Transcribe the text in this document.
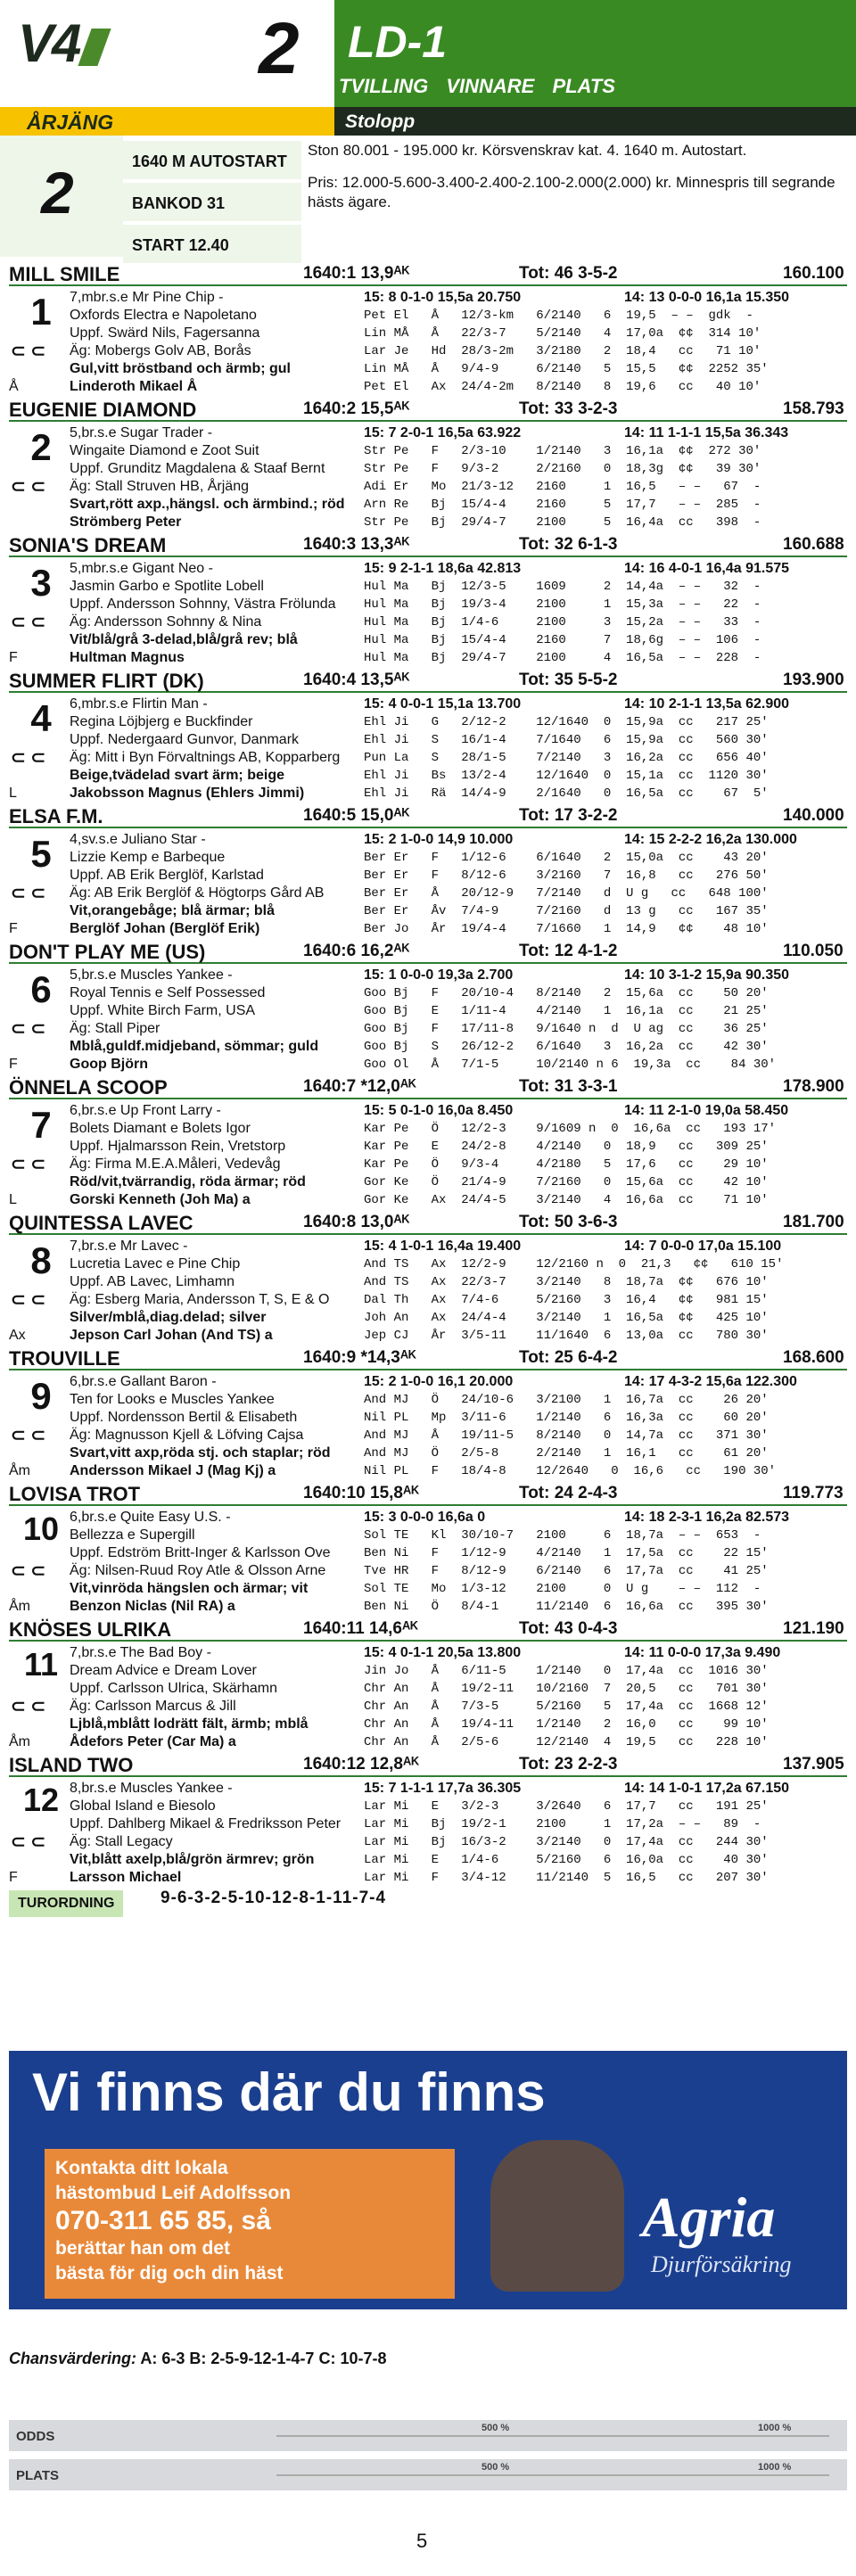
V4	2
ÅRJÄNG
LD-1
TVILLING VINNARE PLATS
Stolopp
2	1640 M AUTOSTART
BANKOD 31
START 12.40
Ston 80.001 - 195.000 kr. Körsvenskrav kat. 4. 1640 m. Autostart.
Pris: 12.000-5.600-3.400-2.400-2.100-2.000(2.000) kr. Minnespris till segrande hästs ägare.
MILL SMILE	1640:1 13,9ᴬᴷ	Tot: 46 3-5-2	160.100
1	7,mbr.s.e Mr Pine Chip -	15: 8 0-1-0 15,5a 20.750	14: 13 0-0-0 16,1a 15.350
Oxfords Electra e Napoletano
Uppf. Swärd Nils, Fagersanna
Äg: Mobergs Golv AB, Borås
Gul,vitt bröstband och ärmb; gul
Linderoth Mikael Å
Pet El   Å   12/3-km   6/2140   6  19,5  – –  gdk  -
Lin MÅ   Å   22/3-7    5/2140   4  17,0a  ¢¢  314 10'
Lar Je   Hd  28/3-2m   3/2180   2  18,4   cc   71 10'
Lin MÅ   Å   9/4-9     6/2140   5  15,5   ¢¢  2252 35'
Pet El   Ax  24/4-2m   8/2140   8  19,6   cc   40 10'
Å
⊂ ⊂
EUGENIE DIAMOND	1640:2 15,5ᴬᴷ	Tot: 33 3-2-3	158.793
2	5,br.s.e Sugar Trader -	15: 7 2-0-1 16,5a 63.922	14: 11 1-1-1 15,5a 36.343
Wingaite Diamond e Zoot Suit
Uppf. Grunditz Magdalena & Staaf Bernt
Äg: Stall Struven HB, Årjäng
Svart,rött axp.,hängsl. och ärmbind.; röd
Strömberg Peter
Str Pe   F   2/3-10    1/2140   3  16,1a  ¢¢  272 30'
Str Pe   F   9/3-2     2/2160   0  18,3g  ¢¢   39 30'
Adi Er   Mo  21/3-12   2160     1  16,5   – –   67  -
Arn Re   Bj  15/4-4    2160     5  17,7   – –  285  -
Str Pe   Bj  29/4-7    2100     5  16,4a  cc   398  -
⊂ ⊂
SONIA'S DREAM	1640:3 13,3ᴬᴷ	Tot: 32 6-1-3	160.688
3	5,mbr.s.e Gigant Neo -	15: 9 2-1-1 18,6a 42.813	14: 16 4-0-1 16,4a 91.575
Jasmin Garbo e Spotlite Lobell
Uppf. Andersson Sohnny, Västra Frölunda
Äg: Andersson Sohnny & Nina
Vit/blå/grå 3-delad,blå/grå rev; blå
Hultman Magnus
Hul Ma   Bj  12/3-5    1609     2  14,4a  – –   32  -
Hul Ma   Bj  19/3-4    2100     1  15,3a  – –   22  -
Hul Ma   Bj  1/4-6     2100     3  15,2a  – –   33  -
Hul Ma   Bj  15/4-4    2160     7  18,6g  – –  106  -
Hul Ma   Bj  29/4-7    2100     4  16,5a  – –  228  -
F
⊂ ⊂
SUMMER FLIRT (DK)	1640:4 13,5ᴬᴷ	Tot: 35 5-5-2	193.900
4	6,mbr.s.e Flirtin Man -	15: 4 0-0-1 15,1a 13.700	14: 10 2-1-1 13,5a 62.900
Regina Löjbjerg e Buckfinder
Uppf. Nedergaard Gunvor, Danmark
Äg: Mitt i Byn Förvaltnings AB, Kopparberg
Beige,tvädelad svart ärm; beige
Jakobsson Magnus (Ehlers Jimmi)
Ehl Ji   G   2/12-2    12/1640  0  15,9a  cc   217 25'
Ehl Ji   S   16/1-4    7/1640   6  15,9a  cc   560 30'
Pun La   S   28/1-5    7/2140   3  16,2a  cc   656 40'
Ehl Ji   Bs  13/2-4    12/1640  0  15,1a  cc  1120 30'
Ehl Ji   Rä  14/4-9    2/1640   0  16,5a  cc    67  5'
L
⊂ ⊂
ELSA F.M.	1640:5 15,0ᴬᴷ	Tot: 17 3-2-2	140.000
5	4,sv.s.e Juliano Star -	15: 2 1-0-0 14,9 10.000	14: 15 2-2-2 16,2a 130.000
Lizzie Kemp e Barbeque
Uppf. AB Erik Berglöf, Karlstad
Äg: AB Erik Berglöf & Högtorps Gård AB
Vit,orangebåge; blå ärmar; blå
Berglöf Johan (Berglöf Erik)
Ber Er   F   1/12-6    6/1640   2  15,0a  cc    43 20'
Ber Er   F   8/12-6    3/2160   7  16,8   cc   276 50'
Ber Er   Å   20/12-9   7/2140   d  U g   cc   648 100'
Ber Er   Åv  7/4-9     7/2160   d  13 g   cc   167 35'
Ber Jo   År  19/4-4    7/1660   1  14,9   ¢¢    48 10'
F
⊂ ⊂
DON'T PLAY ME (US)	1640:6 16,2ᴬᴷ	Tot: 12 4-1-2	110.050
6	5,br.s.e Muscles Yankee -	15: 1 0-0-0 19,3a 2.700	14: 10 3-1-2 15,9a 90.350
Royal Tennis e Self Possessed
Uppf. White Birch Farm, USA
Äg: Stall Piper
Mblå,guldf.midjeband, sömmar; guld
Goop Björn
Goo Bj   F   20/10-4   8/2140   2  15,6a  cc    50 20'
Goo Bj   E   1/11-4    4/2140   1  16,1a  cc    21 25'
Goo Bj   F   17/11-8   9/1640 n  d  U ag  cc    36 25'
Goo Bj   S   26/12-2   6/1640   3  16,2a  cc    42 30'
Goo Ol   Å   7/1-5     10/2140 n 6  19,3a  cc    84 30'
F
⊂ ⊂
ÖNNELA SCOOP	1640:7 *12,0ᴬᴷ	Tot: 31 3-3-1	178.900
7	6,br.s.e Up Front Larry -	15: 5 0-1-0 16,0a 8.450	14: 11 2-1-0 19,0a 58.450
Bolets Diamant e Bolets Igor
Uppf. Hjalmarsson Rein, Vretstorp
Äg: Firma M.E.A.Måleri, Vedevåg
Röd/vit,tvärrandig, röda ärmar; röd
Gorski Kenneth (Joh Ma) a
Kar Pe   Ö   12/2-3    9/1609 n  0  16,6a  cc   193 17'
Kar Pe   E   24/2-8    4/2140   0  18,9   cc   309 25'
Kar Pe   Ö   9/3-4     4/2180   5  17,6   cc    29 10'
Gor Ke   Ö   21/4-9    7/2160   0  15,6a  cc    42 10'
Gor Ke   Ax  24/4-5    3/2140   4  16,6a  cc    71 10'
L
⊂ ⊂
QUINTESSA LAVEC	1640:8 13,0ᴬᴷ	Tot: 50 3-6-3	181.700
8	7,br.s.e Mr Lavec -	15: 4 1-0-1 16,4a 19.400	14: 7 0-0-0 17,0a 15.100
Lucretia Lavec e Pine Chip
Uppf. AB Lavec, Limhamn
Äg: Esberg Maria, Andersson T, S, E & O
Silver/mblå,diag.delad; silver
Jepson Carl Johan (And TS) a
And TS   Ax  12/2-9    12/2160 n  0  21,3   ¢¢   610 15'
And TS   Ax  22/3-7    3/2140   8  18,7a  ¢¢   676 10'
Dal Th   Ax  7/4-6     5/2160   3  16,4   ¢¢   981 15'
Joh An   Ax  24/4-4    3/2140   1  16,5a  ¢¢   425 10'
Jep CJ   År  3/5-11    11/1640  6  13,0a  cc   780 30'
Ax
⊂ ⊂
TROUVILLE	1640:9 *14,3ᴬᴷ	Tot: 25 6-4-2	168.600
9	6,br.s.e Gallant Baron -	15: 2 1-0-0 16,1 20.000	14: 17 4-3-2 15,6a 122.300
Ten for Looks e Muscles Yankee
Uppf. Nordensson Bertil & Elisabeth
Äg: Magnusson Kjell & Löfving Cajsa
Svart,vitt axp,röda stj. och staplar; röd
Andersson Mikael J (Mag Kj) a
And MJ   Ö   24/10-6   3/2100   1  16,7a  cc    26 20'
Nil PL   Mp  3/11-6    1/2140   6  16,3a  cc    60 20'
And MJ   Å   19/11-5   8/2140   0  14,7a  cc   371 30'
And MJ   Ö   2/5-8     2/2140   1  16,1   cc    61 20'
Nil PL   F   18/4-8    12/2640   0  16,6   cc   190 30'
Åm
⊂ ⊂
LOVISA TROT	1640:10 15,8ᴬᴷ	Tot: 24 2-4-3	119.773
10 6,br.s.e Quite Easy U.S. -	15: 3 0-0-0 16,6a 0	14: 18 2-3-1 16,2a 82.573
Bellezza e Supergill
Uppf. Edström Britt-Inger & Karlsson Ove
Äg: Nilsen-Ruud Roy Atle & Olsson Arne
Vit,vinröda hängslen och ärmar; vit
Benzon Niclas (Nil RA) a
Sol TE   Kl  30/10-7   2100     6  18,7a  – –  653  -
Ben Ni   F   1/12-9    4/2140   1  17,5a  cc    22 15'
Tve HR   F   8/12-9    6/2140   6  17,7a  cc    41 25'
Sol TE   Mo  1/3-12    2100     0  U g    – –  112  -
Ben Ni   Ö   8/4-1     11/2140  6  16,6a  cc   395 30'
Åm
⊂ ⊂
KNÖSES ULRIKA	1640:11 14,6ᴬᴷ	Tot: 43 0-4-3	121.190
11 7,br.s.e The Bad Boy -	15: 4 0-1-1 20,5a 13.800	14: 11 0-0-0 17,3a 9.490
Dream Advice e Dream Lover
Uppf. Carlsson Ulrica, Skärhamn
Äg: Carlsson Marcus & Jill
Ljblå,mblått lodrätt fält, ärmb; mblå
Ådefors Peter (Car Ma) a
Jin Jo   Å   6/11-5    1/2140   0  17,4a  cc  1016 30'
Chr An   Å   19/2-11   10/2160  7  20,5   cc   701 30'
Chr An   Å   7/3-5     5/2160   5  17,4a  cc  1668 12'
Chr An   Å   19/4-11   1/2140   2  16,0   cc    99 10'
Chr An   Å   2/5-6     12/2140  4  19,5   cc   228 10'
Åm
⊂ ⊂
ISLAND TWO	1640:12 12,8ᴬᴷ	Tot: 23 2-2-3	137.905
12 8,br.s.e Muscles Yankee -	15: 7 1-1-1 17,7a 36.305	14: 14 1-0-1 17,2a 67.150
Global Island e Biesolo
Uppf. Dahlberg Mikael & Fredriksson Peter
Äg: Stall Legacy
Vit,blått axelp,blå/grön ärmrev; grön
Larsson Michael
Lar Mi   E   3/2-3     3/2640   6  17,7   cc   191 25'
Lar Mi   Bj  19/2-1    2100     1  17,2a  – –   89  -
Lar Mi   Bj  16/3-2    3/2140   0  17,4a  cc   244 30'
Lar Mi   E   1/4-6     5/2160   6  16,0a  cc    40 30'
Lar Mi   F   3/4-12    11/2140  5  16,5   cc   207 30'
F
⊂ ⊂
TURORDNING	9-6-3-2-5-10-12-8-1-11-7-4
Vi finns där du finns
Kontakta ditt lokala
hästombud Leif Adolfsson
070-311 65 85, så
berättar han om det
bästa för dig och din häst
Agria
Djurförsäkring
Chansvärdering: A: 6-3 B: 2-5-9-12-1-4-7 C: 10-7-8
ODDS
500 %	1000 %
PLATS
500 %	1000 %
5
